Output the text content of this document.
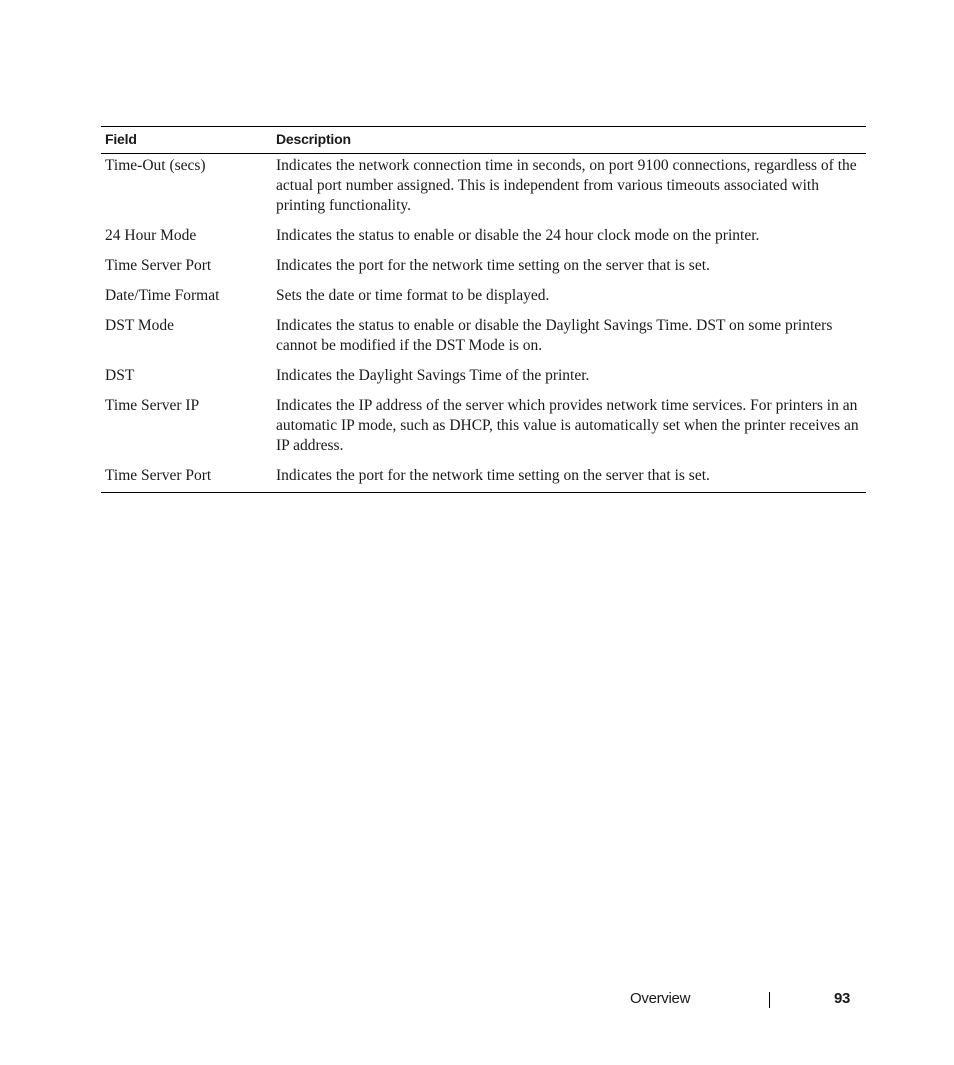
Field	Description
Time-Out (secs)	Indicates the network connection time in seconds, on port 9100 connections, regardless of the actual port number assigned. This is independent from various timeouts associated with printing functionality.
24 Hour Mode	Indicates the status to enable or disable the 24 hour clock mode on the printer.
Time Server Port	Indicates the port for the network time setting on the server that is set.
Date/Time Format	Sets the date or time format to be displayed.
DST Mode	Indicates the status to enable or disable the Daylight Savings Time. DST on some printers cannot be modified if the DST Mode is on.
DST	Indicates the Daylight Savings Time of the printer.
Time Server IP	Indicates the IP address of the server which provides network time services. For printers in an automatic IP mode, such as DHCP, this value is automatically set when the printer receives an IP address.
Time Server Port	Indicates the port for the network time setting on the server that is set.
Overview	93
